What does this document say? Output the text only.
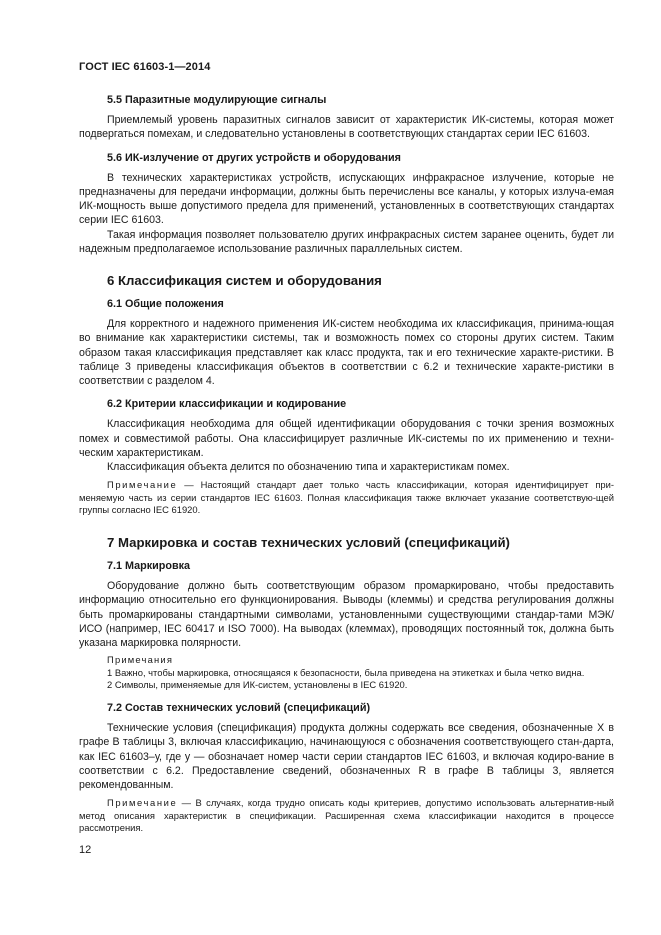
ГОСТ IEC 61603-1—2014
5.5 Паразитные модулирующие сигналы

Приемлемый уровень паразитных сигналов зависит от характеристик ИК-системы, которая может подвергаться помехам, и следовательно установлены в соответствующих стандартах серии IEC 61603.

5.6 ИК-излучение от других устройств и оборудования

В технических характеристиках устройств, испускающих инфракрасное излучение, которые не предназначены для передачи информации, должны быть перечислены все каналы, у которых излуча-емая ИК-мощность выше допустимого предела для применений, установленных в соответствующих стандартах серии IEC 61603.

Такая информация позволяет пользователю других инфракрасных систем заранее оценить, будет ли надежным предполагаемое использование различных параллельных систем.

6 Классификация систем и оборудования
6.1 Общие положения

Для корректного и надежного применения ИК-систем необходима их классификация, принима-ющая во внимание как характеристики системы, так и возможность помех со стороны других систем. Таким образом такая классификация представляет как класс продукта, так и его технические характе-ристики. В таблице 3 приведены классификация объектов в соответствии с 6.2 и технические характе-ристики в соответствии с разделом 4.

6.2 Критерии классификации и кодирование

Классификация необходима для общей идентификации оборудования с точки зрения возможных помех и совместимой работы. Она классифицирует различные ИК-системы по их применению и техни-ческим характеристикам.

Классификация объекта делится по обозначению типа и характеристикам помех.

Примечание — Настоящий стандарт дает только часть классификации, которая идентифицирует при-меняемую часть из серии стандартов IEC 61603. Полная классификация также включает указание соответствую-щей группы согласно IEC 61920.

7 Маркировка и состав технических условий (спецификаций)
7.1 Маркировка

Оборудование должно быть соответствующим образом промаркировано, чтобы предоставить информацию относительно его функционирования. Выводы (клеммы) и средства регулирования должны быть промаркированы стандартными символами, установленными существующими стандар-тами МЭК/ИСО (например, IEC 60417 и ISO 7000). На выводах (клеммах), проводящих постоянный ток, должна быть указана маркировка полярности.

Примечания
1 Важно, чтобы маркировка, относящаяся к безопасности, была приведена на этикетках и была четко видна.
2 Символы, применяемые для ИК-систем, установлены в IEC 61920.
7.2 Состав технических условий (спецификаций)

Технические условия (спецификация) продукта должны содержать все сведения, обозначенные X в графе В таблицы 3, включая классификацию, начинающуюся с обозначения соответствующего стан-дарта, как IEC 61603–у, где у — обозначает номер части серии стандартов IEC 61603, и включая кодиро-вание в соответствии с 6.2. Предоставление сведений, обозначенных R в графе В таблицы 3, является рекомендованным.

Примечание — В случаях, когда трудно описать коды критериев, допустимо использовать альтернатив-ный метод описания характеристик в спецификации. Расширенная схема классификации находится в процессе рассмотрения.

12
